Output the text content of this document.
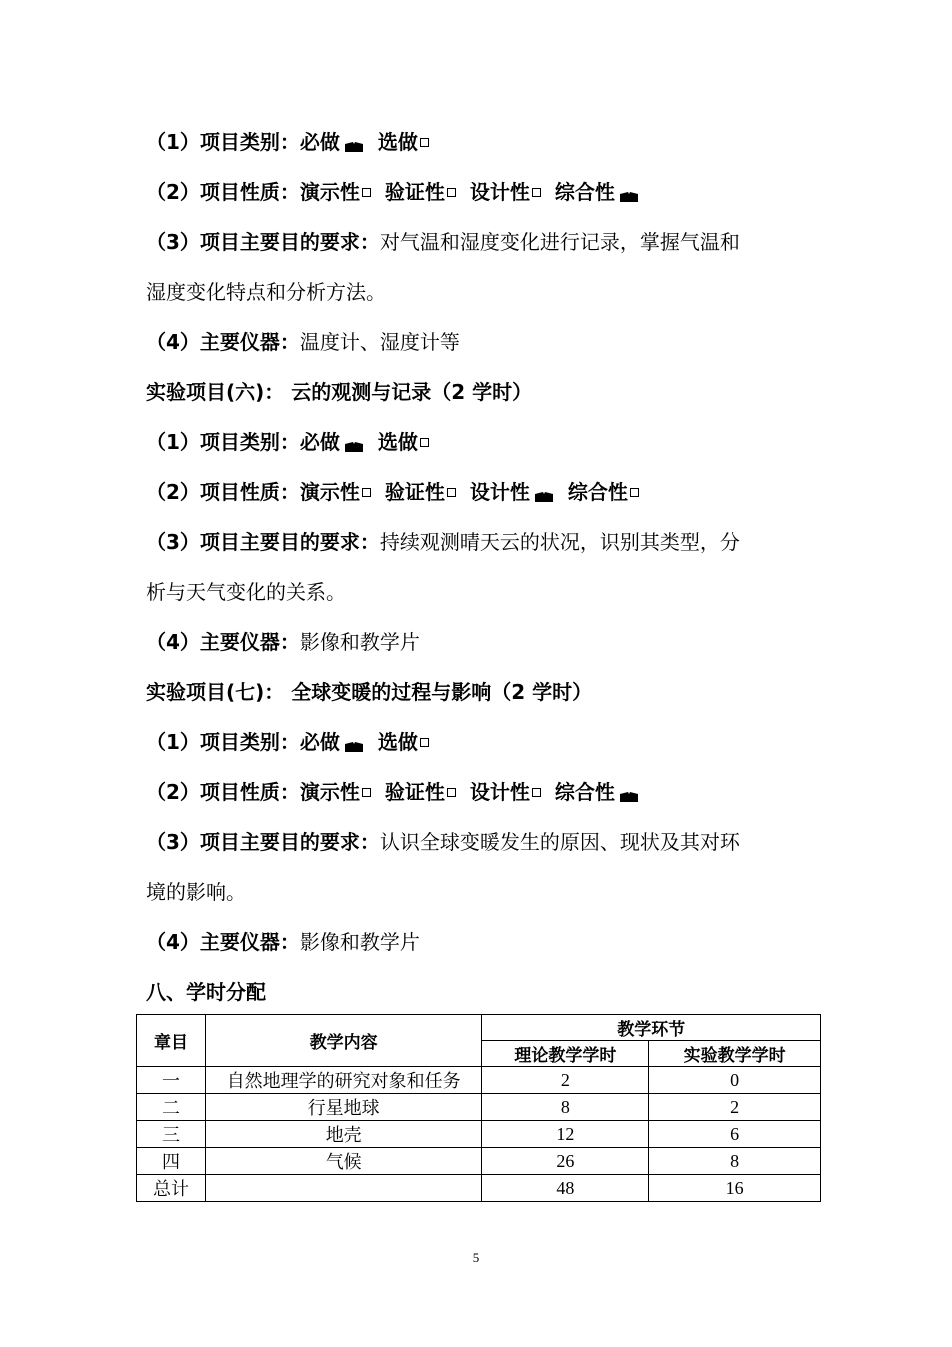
（1）项目类别：必做 选做
（2）项目性质：演示性 验证性 设计性 综合性
（3）项目主要目的要求：对气温和湿度变化进行记录，掌握气温和
湿度变化特点和分析方法。
（4）主要仪器：温度计、湿度计等
实验项目(六)： 云的观测与记录（2 学时）
（1）项目类别：必做 选做
（2）项目性质：演示性 验证性 设计性 综合性
（3）项目主要目的要求：持续观测晴天云的状况，识别其类型，分
析与天气变化的关系。
（4）主要仪器：影像和教学片
实验项目(七)： 全球变暖的过程与影响（2 学时）
（1）项目类别：必做 选做
（2）项目性质：演示性 验证性 设计性 综合性
（3）项目主要目的要求：认识全球变暖发生的原因、现状及其对环
境的影响。
（4）主要仪器：影像和教学片
八、学时分配
章目	教学内容	教学环节	
		理论教学学时	实验教学学时
一	自然地理学的研究对象和任务	2	0
二	行星地球	8	2
三	地壳	12	6
四	气候	26	8
总计		48	16
5
